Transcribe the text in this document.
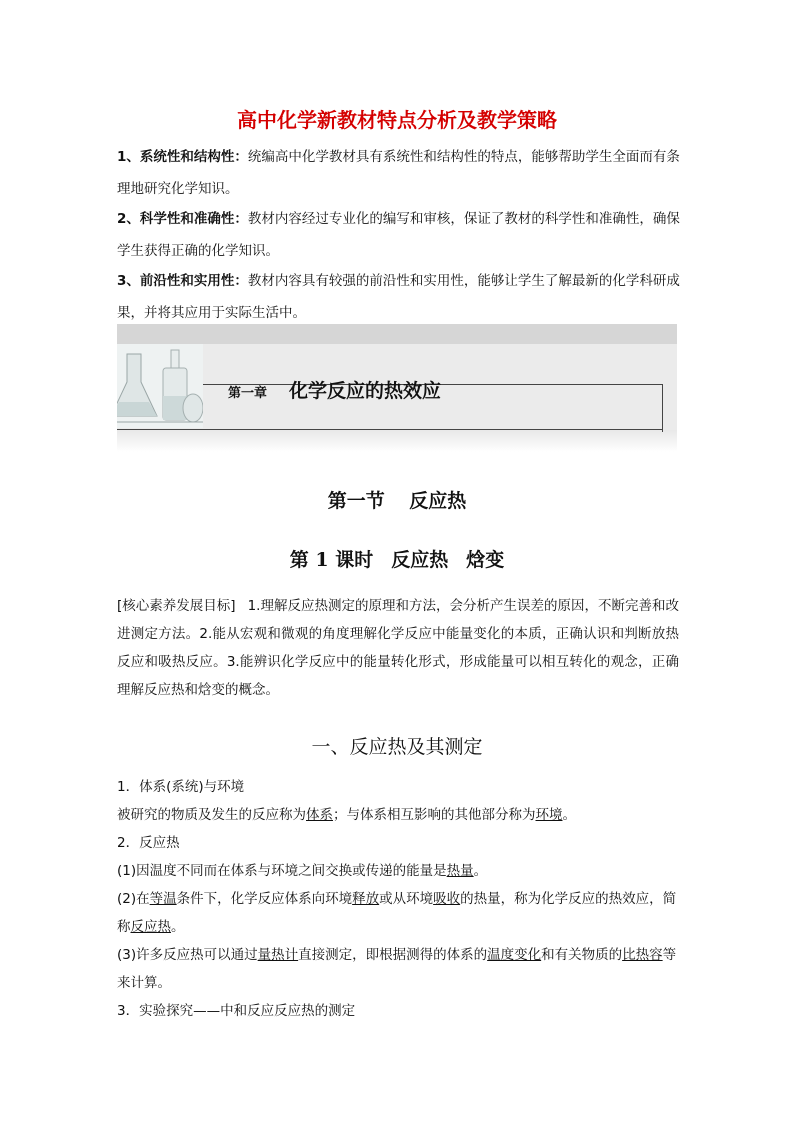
高中化学新教材特点分析及教学策略

1、系统性和结构性：统编高中化学教材具有系统性和结构性的特点，能够帮助学生全面而有条理地研究化学知识。

2、科学性和准确性：教材内容经过专业化的编写和审核，保证了教材的科学性和准确性，确保学生获得正确的化学知识。

3、前沿性和实用性：教材内容具有较强的前沿性和实用性，能够让学生了解最新的化学科研成果，并将其应用于实际生活中。

第一章 化学反应的热效应
第一节 反应热
第 1 课时 反应热 焓变

[核心素养发展目标] 1.理解反应热测定的原理和方法，会分析产生误差的原因，不断完善和改进测定方法。2.能从宏观和微观的角度理解化学反应中能量变化的本质，正确认识和判断放热反应和吸热反应。3.能辨识化学反应中的能量转化形式，形成能量可以相互转化的观念，正确理解反应热和焓变的概念。

一、反应热及其测定

1．体系(系统)与环境

被研究的物质及发生的反应称为体系；与体系相互影响的其他部分称为环境。

2．反应热

(1)因温度不同而在体系与环境之间交换或传递的能量是热量。

(2)在等温条件下，化学反应体系向环境释放或从环境吸收的热量，称为化学反应的热效应，简称反应热。

(3)许多反应热可以通过量热计直接测定，即根据测得的体系的温度变化和有关物质的比热容等来计算。

3．实验探究——中和反应反应热的测定
